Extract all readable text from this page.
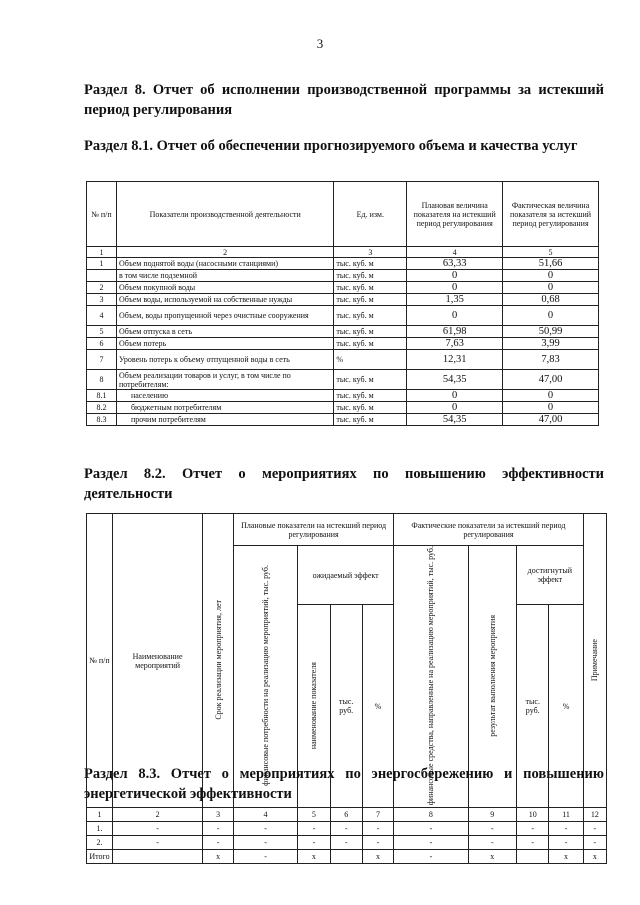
3
Раздел 8. Отчет об исполнении производственной программы за истекший период регулирования
Раздел 8.1. Отчет об обеспечении прогнозируемого объема и качества услуг
№ п/п	Показатели производственной деятельности	Ед. изм.	Плановая величина показателя на истекший период регулирования	Фактическая величина показателя за истекший период регулирования
1	2	3	4	5
1	Объем поднятой воды (насосными станциями)	тыс. куб. м	63,33	51,66
	в том числе подземной	тыс. куб. м	0	0
2	Объем покупной воды	тыс. куб. м	0	0
3	Объем воды, используемой на собственные нужды	тыс. куб. м	1,35	0,68
4	Объем, воды пропущенной через очистные сооружения	тыс. куб. м	0	0
5	Объем отпуска в сеть	тыс. куб. м	61,98	50,99
6	Объем потерь	тыс. куб. м	7,63	3,99
7	Уровень потерь к объему отпущенной воды в сеть	%	12,31	7,83
8	Объем реализации товаров и услуг, в том числе по потребителям:	тыс. куб. м	54,35	47,00
8.1	населению	тыс. куб. м	0	0
8.2	бюджетным потребителям	тыс. куб. м	0	0
8.3	прочим потребителям	тыс. куб. м	54,35	47,00
Раздел 8.2. Отчет о мероприятиях по повышению эффективности деятельности
№ п/п	Наименование мероприятий	Срок реализации мероприятия, лет	Плановые показатели на истекший период регулирования				Фактические показатели за истекший период регулирования				Примечание
			финансовые потребности на реализацию мероприятий, тыс. руб.	ожидаемый эффект			финансовые средства, направленные на реализацию мероприятий, тыс. руб.	результат выполнения мероприятия	достигнутый эффект		
				наименование показателя	тыс. руб.	%			тыс. руб.	%	
1	2	3	4	5	6	7	8	9	10	11	12
1.	-	-	-	-	-	-	-	-	-	-	-
2.	-	-	-	-	-	-	-	-	-	-	-
Итого		х	-	х		х	-	х		х	х
Раздел 8.3. Отчет о мероприятиях по энергосбережению и повышению энергетической эффективности
